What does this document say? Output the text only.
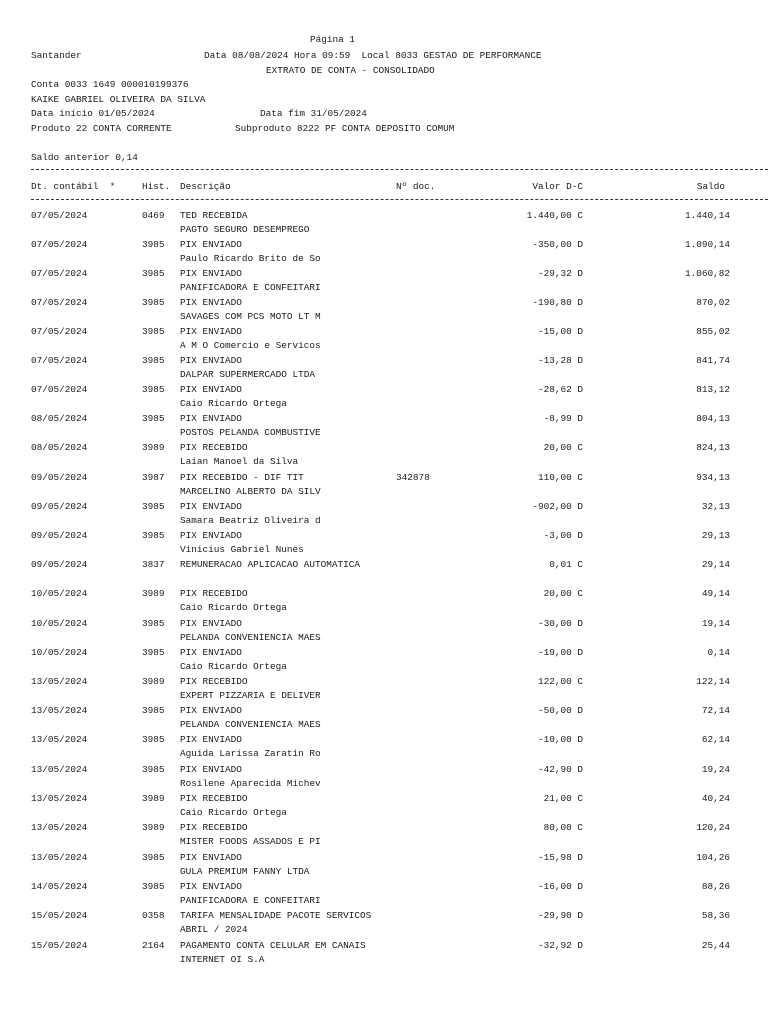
Página 1
Santander	Data 08/08/2024 Hora 09:59  Local 8033 GESTAO DE PERFORMANCE
EXTRATO DE CONTA - CONSOLIDADO
Conta 0033 1649 000010199376
KAIKE GABRIEL OLIVEIRA DA SILVA
Data início 01/05/2024	Data fim 31/05/2024
Produto 22 CONTA CORRENTE	Subproduto 8222 PF CONTA DEPOSITO COMUM
Saldo anterior 0,14
Dt. contábil  *	Hist. Descrição	Nº doc.	Valor D-C	Saldo
07/05/2024	0469 TED RECEBIDA	1.440,00 C	1.440,14
PAGTO SEGURO DESEMPREGO
07/05/2024	3985 PIX ENVIADO	-350,00 D	1.090,14
Paulo Ricardo Brito de So
07/05/2024	3985 PIX ENVIADO	-29,32 D	1.060,82
PANIFICADORA E CONFEITARI
07/05/2024	3985 PIX ENVIADO	-190,80 D	870,02
SAVAGES COM PCS MOTO LT M
07/05/2024	3985 PIX ENVIADO	-15,00 D	855,02
A M O Comercio e Servicos
07/05/2024	3985 PIX ENVIADO	-13,28 D	841,74
DALPAR SUPERMERCADO LTDA
07/05/2024	3985 PIX ENVIADO	-28,62 D	813,12
Caio Ricardo Ortega
08/05/2024	3985 PIX ENVIADO	-8,99 D	804,13
POSTOS PELANDA COMBUSTIVE
08/05/2024	3989 PIX RECEBIDO	20,00 C	824,13
Laian Manoel da Silva
09/05/2024	3987 PIX RECEBIDO - DIF TIT	342878	110,00 C	934,13
MARCELINO ALBERTO DA SILV
09/05/2024	3985 PIX ENVIADO	-902,00 D	32,13
Samara Beatriz Oliveira d
09/05/2024	3985 PIX ENVIADO	-3,00 D	29,13
Vinicius Gabriel Nunes
09/05/2024	3837 REMUNERACAO APLICACAO AUTOMATICA	0,01 C	29,14
10/05/2024	3989 PIX RECEBIDO	20,00 C	49,14
Caio Ricardo Ortega
10/05/2024	3985 PIX ENVIADO	-30,00 D	19,14
PELANDA CONVENIENCIA MAES
10/05/2024	3985 PIX ENVIADO	-19,00 D	0,14
Caio Ricardo Ortega
13/05/2024	3989 PIX RECEBIDO	122,00 C	122,14
EXPERT PIZZARIA E DELIVER
13/05/2024	3985 PIX ENVIADO	-50,00 D	72,14
PELANDA CONVENIENCIA MAES
13/05/2024	3985 PIX ENVIADO	-10,00 D	62,14
Aguida Larissa Zaratin Ro
13/05/2024	3985 PIX ENVIADO	-42,90 D	19,24
Rosilene Aparecida Michev
13/05/2024	3989 PIX RECEBIDO	21,00 C	40,24
Caio Ricardo Ortega
13/05/2024	3989 PIX RECEBIDO	80,00 C	120,24
MISTER FOODS ASSADOS E PI
13/05/2024	3985 PIX ENVIADO	-15,98 D	104,26
GULA PREMIUM FANNY LTDA
14/05/2024	3985 PIX ENVIADO	-16,00 D	88,26
PANIFICADORA E CONFEITARI
15/05/2024	0358 TARIFA MENSALIDADE PACOTE SERVICOS	-29,90 D	58,36
ABRIL / 2024
15/05/2024	2164 PAGAMENTO CONTA CELULAR EM CANAIS	-32,92 D	25,44
INTERNET OI S.A
